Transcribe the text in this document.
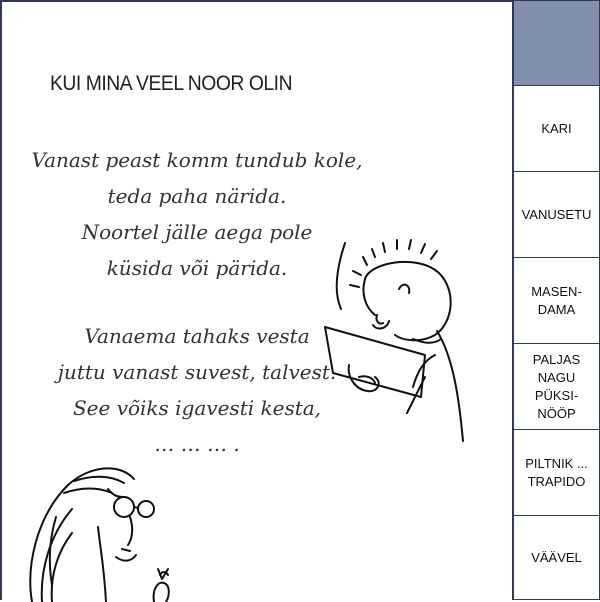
KUI MINA VEEL NOOR OLIN
Vanast peast komm tundub kole,
teda paha närida.
Noortel jälle aega pole
küsida või päridа.
Vanaema tahaks vesta
juttu vanast suvest, talvest.
See võiks igavesti kesta,
… … … .
KARI
VANUSETU
MASEN-
DAMA
PALJAS
NAGU
PÜKSI-
NÖÖP
PILTNIK ...
TRAPIDO
VÄÄVEL
